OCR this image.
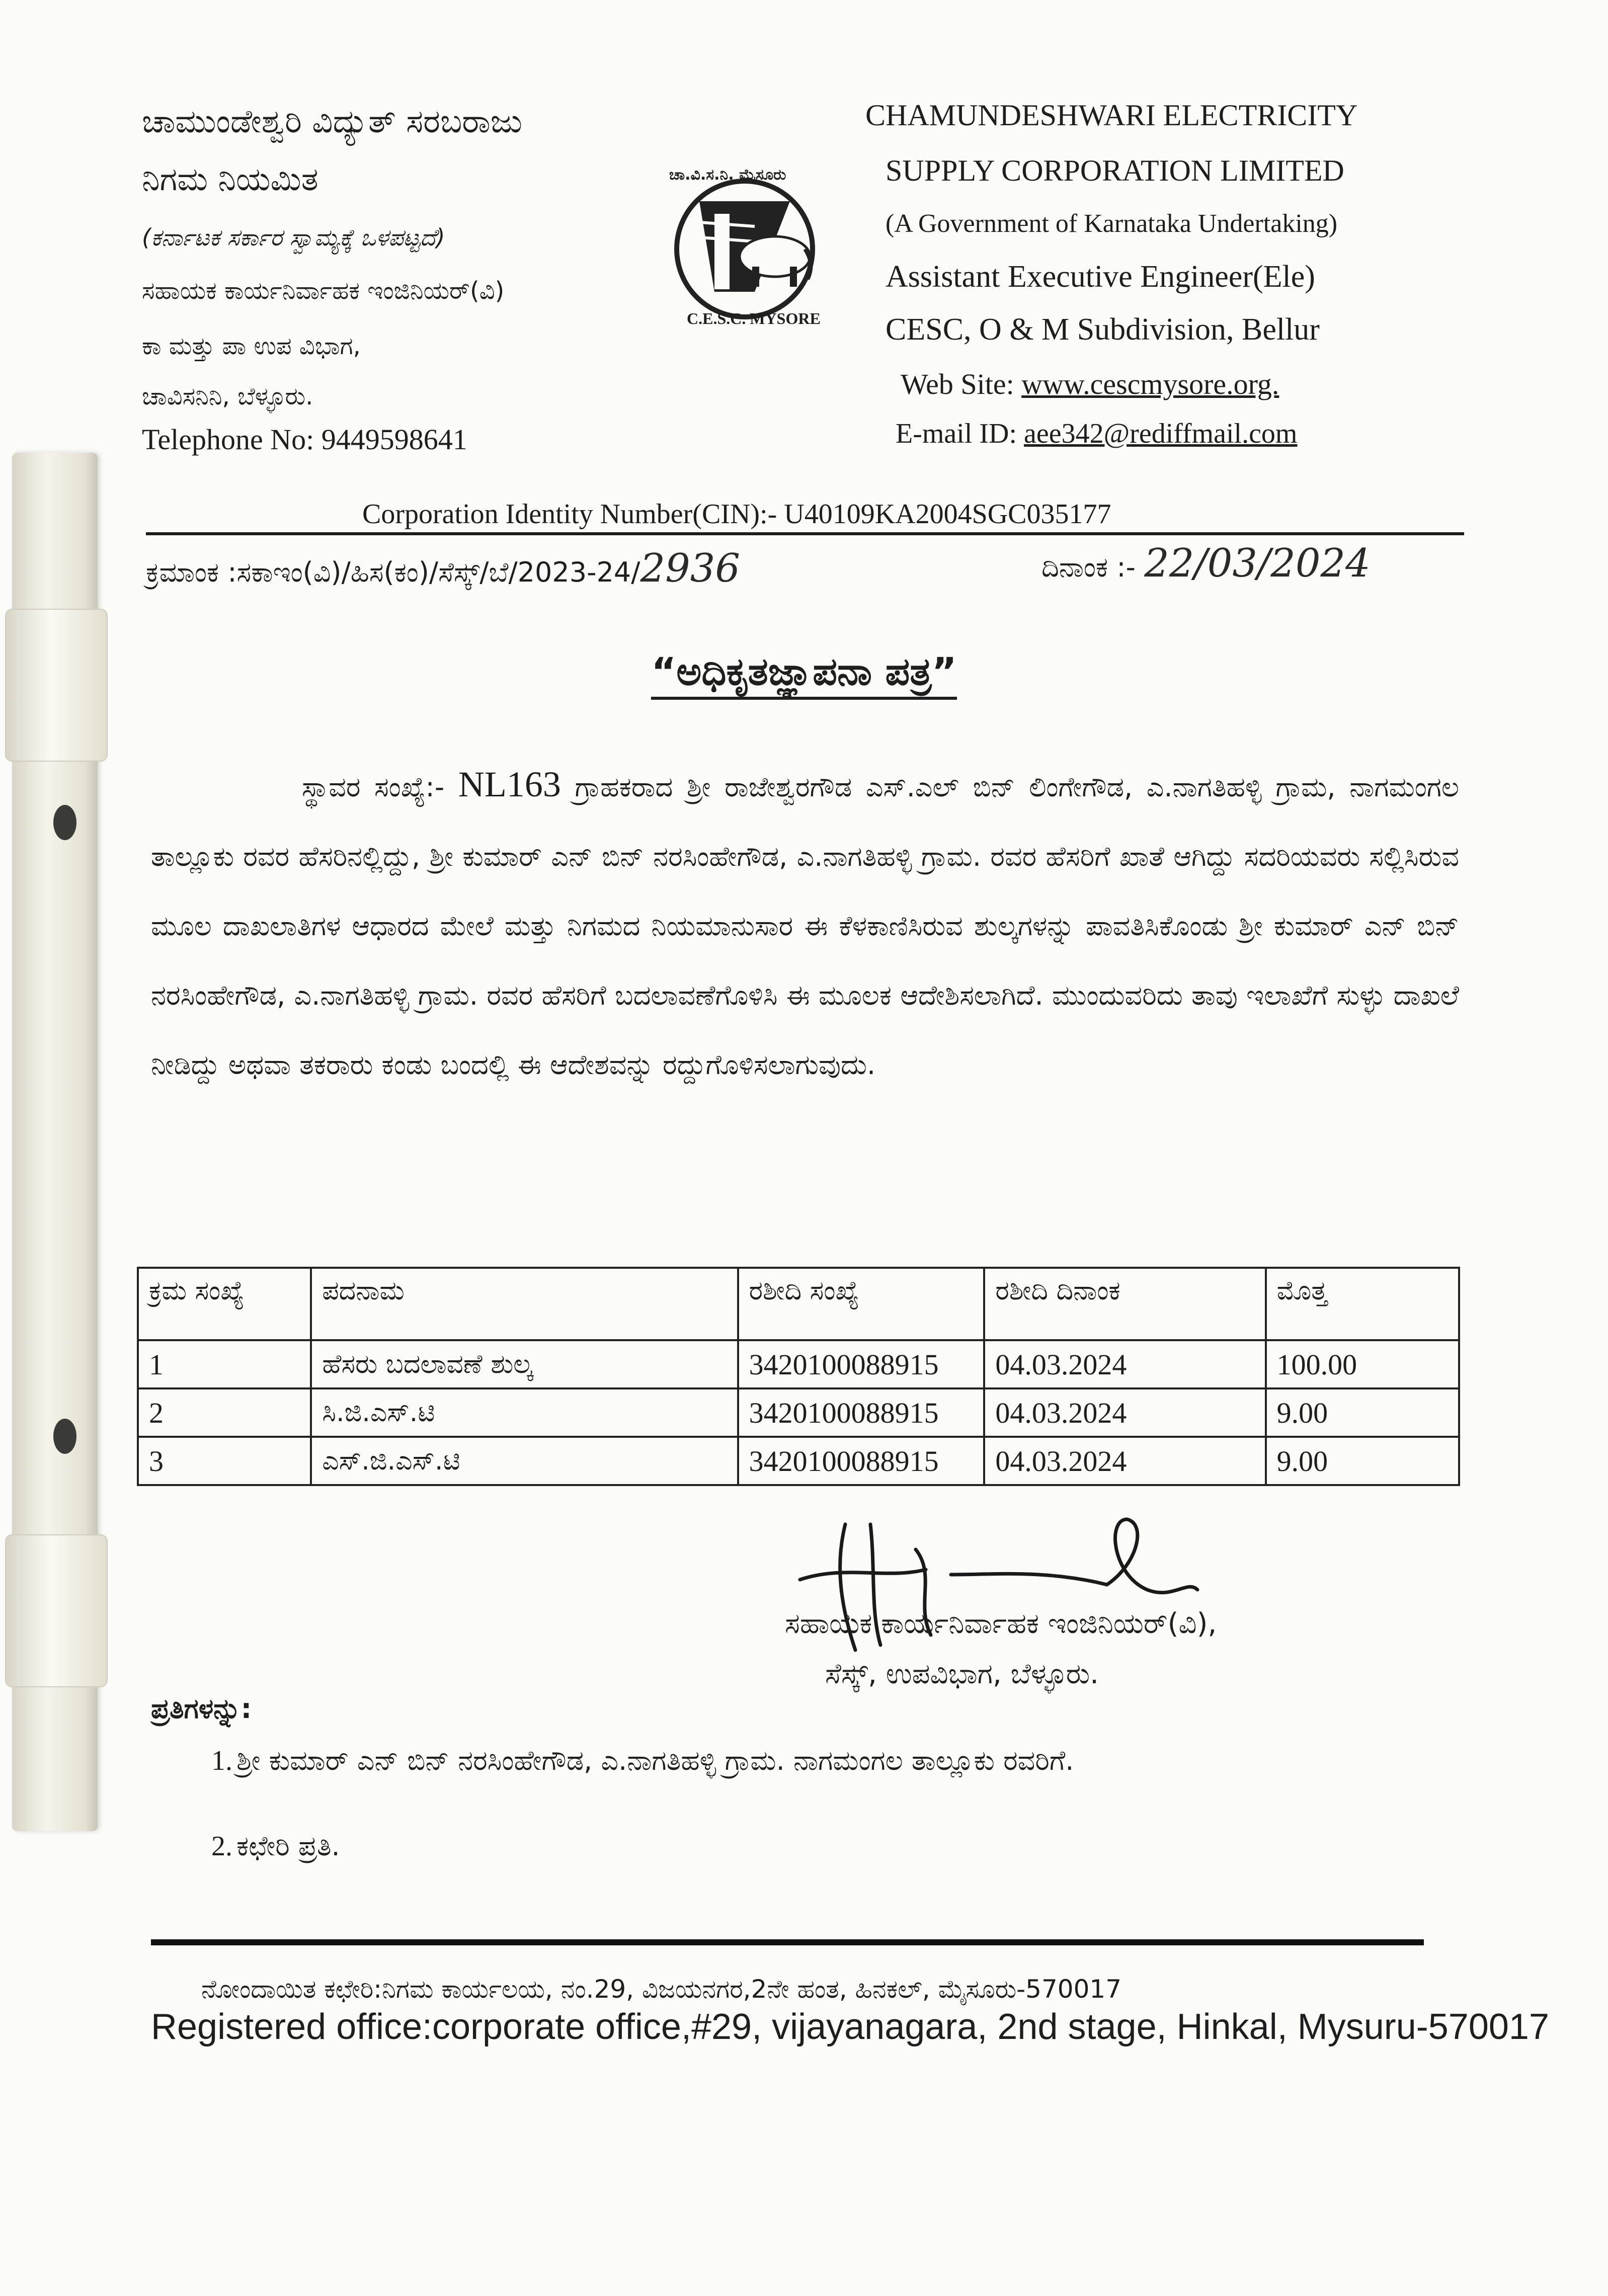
ಚಾಮುಂಡೇಶ್ವರಿ ವಿದ್ಯುತ್ ಸರಬರಾಜು
ನಿಗಮ ನಿಯಮಿತ
(ಕರ್ನಾಟಕ ಸರ್ಕಾರ ಸ್ವಾಮ್ಯಕ್ಕೆ ಒಳಪಟ್ಟದೆ)
ಸಹಾಯಕ ಕಾರ್ಯನಿರ್ವಾಹಕ ಇಂಜಿನಿಯರ್(ವಿ)
ಕಾ ಮತ್ತು ಪಾ ಉಪ ವಿಭಾಗ,
ಚಾವಿಸನಿನಿ, ಬೆಳ್ಳೂರು.
Telephone No: 9449598641
ಚಾ.ವಿ.ಸ.ನಿ. ಮೈಸೂರು
C.E.S.C. MYSORE
CHAMUNDESHWARI ELECTRICITY
SUPPLY CORPORATION LIMITED
(A Government of Karnataka Undertaking)
Assistant Executive Engineer(Ele)
CESC, O & M Subdivision, Bellur
Web Site: www.cescmysore.org.
E-mail ID: aee342@rediffmail.com
Corporation Identity Number(CIN):- U40109KA2004SGC035177
ಕ್ರಮಾಂಕ :ಸಕಾಇಂ(ವಿ)/ಹಿಸ(ಕಂ)/ಸೆಸ್ಕ್/ಬೆ/2023-24/2936	ದಿನಾಂಕ :- 22/03/2024
“ಅಧಿಕೃತಜ್ಞಾಪನಾ ಪತ್ರ”
ಸ್ಥಾವರ ಸಂಖ್ಯೆ:- NL163 ಗ್ರಾಹಕರಾದ ಶ್ರೀ ರಾಜೇಶ್ವರಗೌಡ ಎಸ್.ಎಲ್ ಬಿನ್ ಲಿಂಗೇಗೌಡ, ಎ.ನಾಗತಿಹಳ್ಳಿ ಗ್ರಾಮ, ನಾಗಮಂಗಲ ತಾಲ್ಲೂಕು ರವರ ಹೆಸರಿನಲ್ಲಿದ್ದು, ಶ್ರೀ ಕುಮಾರ್ ಎನ್ ಬಿನ್ ನರಸಿಂಹೇಗೌಡ, ಎ.ನಾಗತಿಹಳ್ಳಿ ಗ್ರಾಮ. ರವರ ಹೆಸರಿಗೆ ಖಾತೆ ಆಗಿದ್ದು ಸದರಿಯವರು ಸಲ್ಲಿಸಿರುವ ಮೂಲ ದಾಖಲಾತಿಗಳ ಆಧಾರದ ಮೇಲೆ ಮತ್ತು ನಿಗಮದ ನಿಯಮಾನುಸಾರ ಈ ಕೆಳಕಾಣಿಸಿರುವ ಶುಲ್ಕಗಳನ್ನು ಪಾವತಿಸಿಕೊಂಡು ಶ್ರೀ ಕುಮಾರ್ ಎನ್ ಬಿನ್ ನರಸಿಂಹೇಗೌಡ, ಎ.ನಾಗತಿಹಳ್ಳಿ ಗ್ರಾಮ. ರವರ ಹೆಸರಿಗೆ ಬದಲಾವಣೆಗೊಳಿಸಿ ಈ ಮೂಲಕ ಆದೇಶಿಸಲಾಗಿದೆ. ಮುಂದುವರಿದು ತಾವು ಇಲಾಖೆಗೆ ಸುಳ್ಳು ದಾಖಲೆ ನೀಡಿದ್ದು ಅಥವಾ ತಕರಾರು ಕಂಡು ಬಂದಲ್ಲಿ ಈ ಆದೇಶವನ್ನು ರದ್ದುಗೊಳಿಸಲಾಗುವುದು.
ಕ್ರಮ ಸಂಖ್ಯೆ	ಪದನಾಮ	ರಶೀದಿ ಸಂಖ್ಯೆ	ರಶೀದಿ ದಿನಾಂಕ	ಮೊತ್ತ
1	ಹೆಸರು ಬದಲಾವಣೆ ಶುಲ್ಕ	3420100088915	04.03.2024	100.00
2	ಸಿ.ಜಿ.ಎಸ್.ಟಿ	3420100088915	04.03.2024	9.00
3	ಎಸ್.ಜಿ.ಎಸ್.ಟಿ	3420100088915	04.03.2024	9.00
ಸಹಾಯಕ ಕಾರ್ಯನಿರ್ವಾಹಕ ಇಂಜಿನಿಯರ್(ವಿ),
ಸೆಸ್ಕ್, ಉಪವಿಭಾಗ, ಬೆಳ್ಳೂರು.
ಪ್ರತಿಗಳನ್ನು:
1. ಶ್ರೀ ಕುಮಾರ್ ಎನ್ ಬಿನ್ ನರಸಿಂಹೇಗೌಡ, ಎ.ನಾಗತಿಹಳ್ಳಿ ಗ್ರಾಮ. ನಾಗಮಂಗಲ ತಾಲ್ಲೂಕು ರವರಿಗೆ.
2. ಕಛೇರಿ ಪ್ರತಿ.
ನೋಂದಾಯಿತ ಕಛೇರಿ:ನಿಗಮ ಕಾರ್ಯಲಯ, ನಂ.29, ವಿಜಯನಗರ,2ನೇ ಹಂತ, ಹಿನಕಲ್, ಮೈಸೂರು-570017
Registered office:corporate office,#29, vijayanagara, 2nd stage, Hinkal, Mysuru-570017
